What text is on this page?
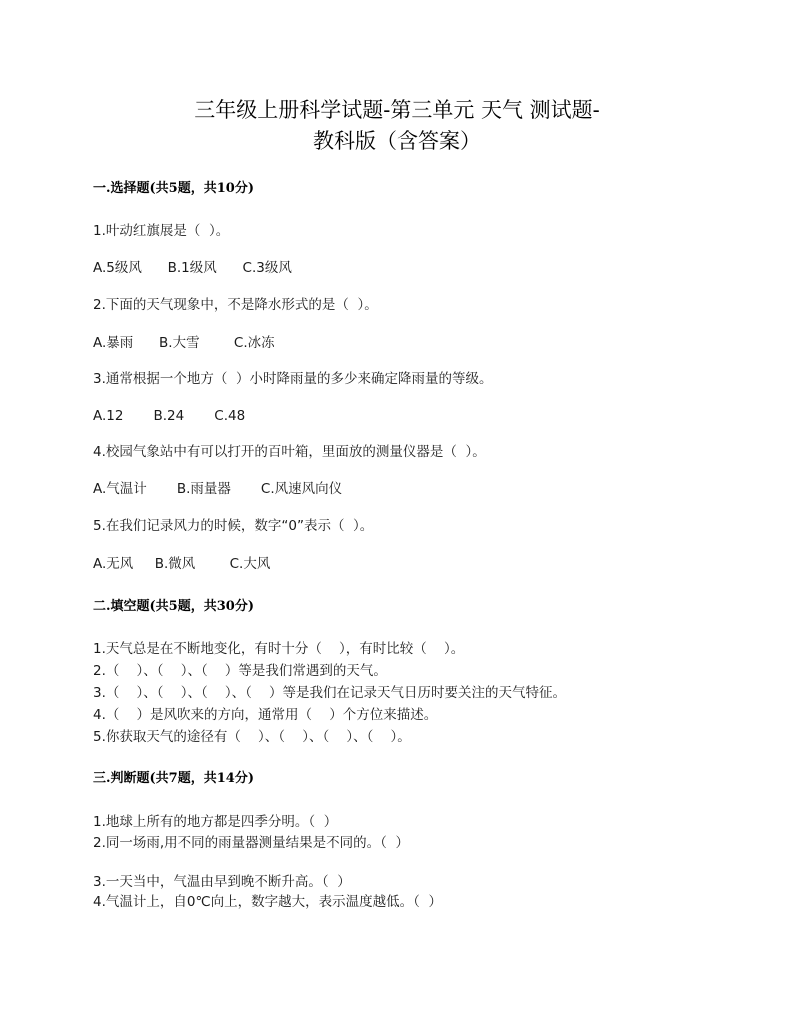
三年级上册科学试题-第三单元 天气 测试题-
教科版（含答案）
一.选择题(共5题，共10分)
1.叶动红旗展是（  ）。
A.5级风      B.1级风      C.3级风
2.下面的天气现象中，不是降水形式的是（  ）。
A.暴雨      B.大雪        C.冰冻
3.通常根据一个地方（  ）小时降雨量的多少来确定降雨量的等级。
A.12       B.24       C.48
4.校园气象站中有可以打开的百叶箱，里面放的测量仪器是（  ）。
A.气温计       B.雨量器       C.风速风向仪
5.在我们记录风力的时候，数字“0”表示（  ）。
A.无风     B.微风        C.大风
二.填空题(共5题，共30分)
1.天气总是在不断地变化，有时十分（    ），有时比较（    ）。
2.（    ）、（    ）、（    ）等是我们常遇到的天气。
3.（    ）、（    ）、（    ）、（    ）等是我们在记录天气日历时要关注的天气特征。
4.（    ）是风吹来的方向，通常用（    ）个方位来描述。
5.你获取天气的途径有（    ）、（    ）、（    ）、（    ）。
三.判断题(共7题，共14分)
1.地球上所有的地方都是四季分明。（  ）
2.同一场雨,用不同的雨量器测量结果是不同的。（  ）
3.一天当中，气温由早到晚不断升高。（  ）
4.气温计上，自0℃向上，数字越大，表示温度越低。（  ）
